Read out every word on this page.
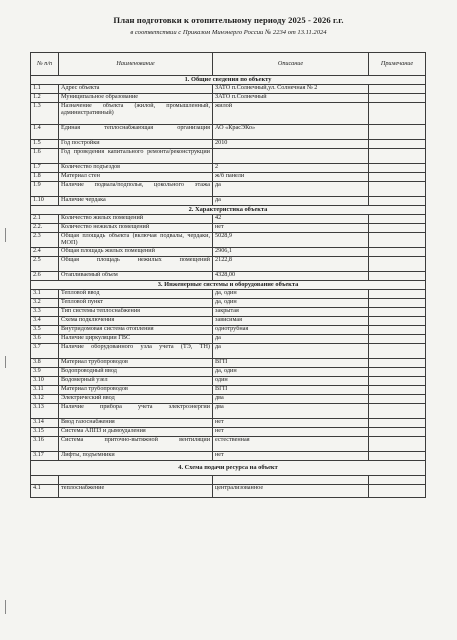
План подготовки к отопительному периоду 2025 - 2026 г.г.
в соответствии с Приказом Минэнерго России № 2234 от 13.11.2024
№ п/п	Наименование	Описание	Примечание
1. Общие сведения по объекту			
1.1	Адрес объекта	ЗАТО п.Солнечный,ул. Солнечная № 2	
1.2	Муниципальное образование	ЗАТО п.Солнечный	
1.3	Назначение объекта (жилой, промышленный, административный)	жилой	
1.4	Единая теплоснабжающая организация	АО «КрасЭКо»	
1.5	Год постройки	2010	
1.6	Год проведения капитального ремонта/реконструкции		
1.7	Количество подъездов	2	
1.8	Материал стен	ж/б панели	
1.9	Наличие подвала/подполья, цокольного этажа	да	
1.10	Наличие чердака	да	
2. Характеристика объекта			
2.1	Количество жилых помещений	42	
2.2.	Количество нежилых помещений	нет	
2.3	Общая площадь объекта (включая подвалы, чердаки, МОП)	5028,9	
2.4	Общая площадь жилых помещений	2906,1	
2.5	Общая площадь нежилых помещений	2122,8	
2.6	Отапливаемый объем	4328,00	
3. Инженерные системы и оборудование объекта			
3.1	Тепловой ввод	да, один	
3.2	Тепловой пункт	да, один	
3.3	Тип системы теплоснабжения	закрытая	
3.4	Схема подключения	зависимая	
3.5	Внутридомовая система отопления	однотрубная	
3.6	Наличие циркуляции ГВС	да	
3.7	Наличие оборудованного узла учета (ТЭ, ТН)	да	
3.8	Материал трубопроводов	ВГП	
3.9	Водопроводный ввод	да, один	
3.10	Водомерный узел	один	
3.11	Материал трубопроводов	ВГП	
3.12	Электрический ввод	два	
3.13	Наличие прибора учета электроэнергии	два	
3.14	Ввод газоснабжения	нет	
3.15	Система АППЗ и дымоудаления	нет	
3.16	Система приточно-вытяжной вентиляции	естественная	
3.17	Лифты, подъемники	нет	
4. Схема подачи ресурса на объект			

4.1	теплоснабжение	централизованное	
